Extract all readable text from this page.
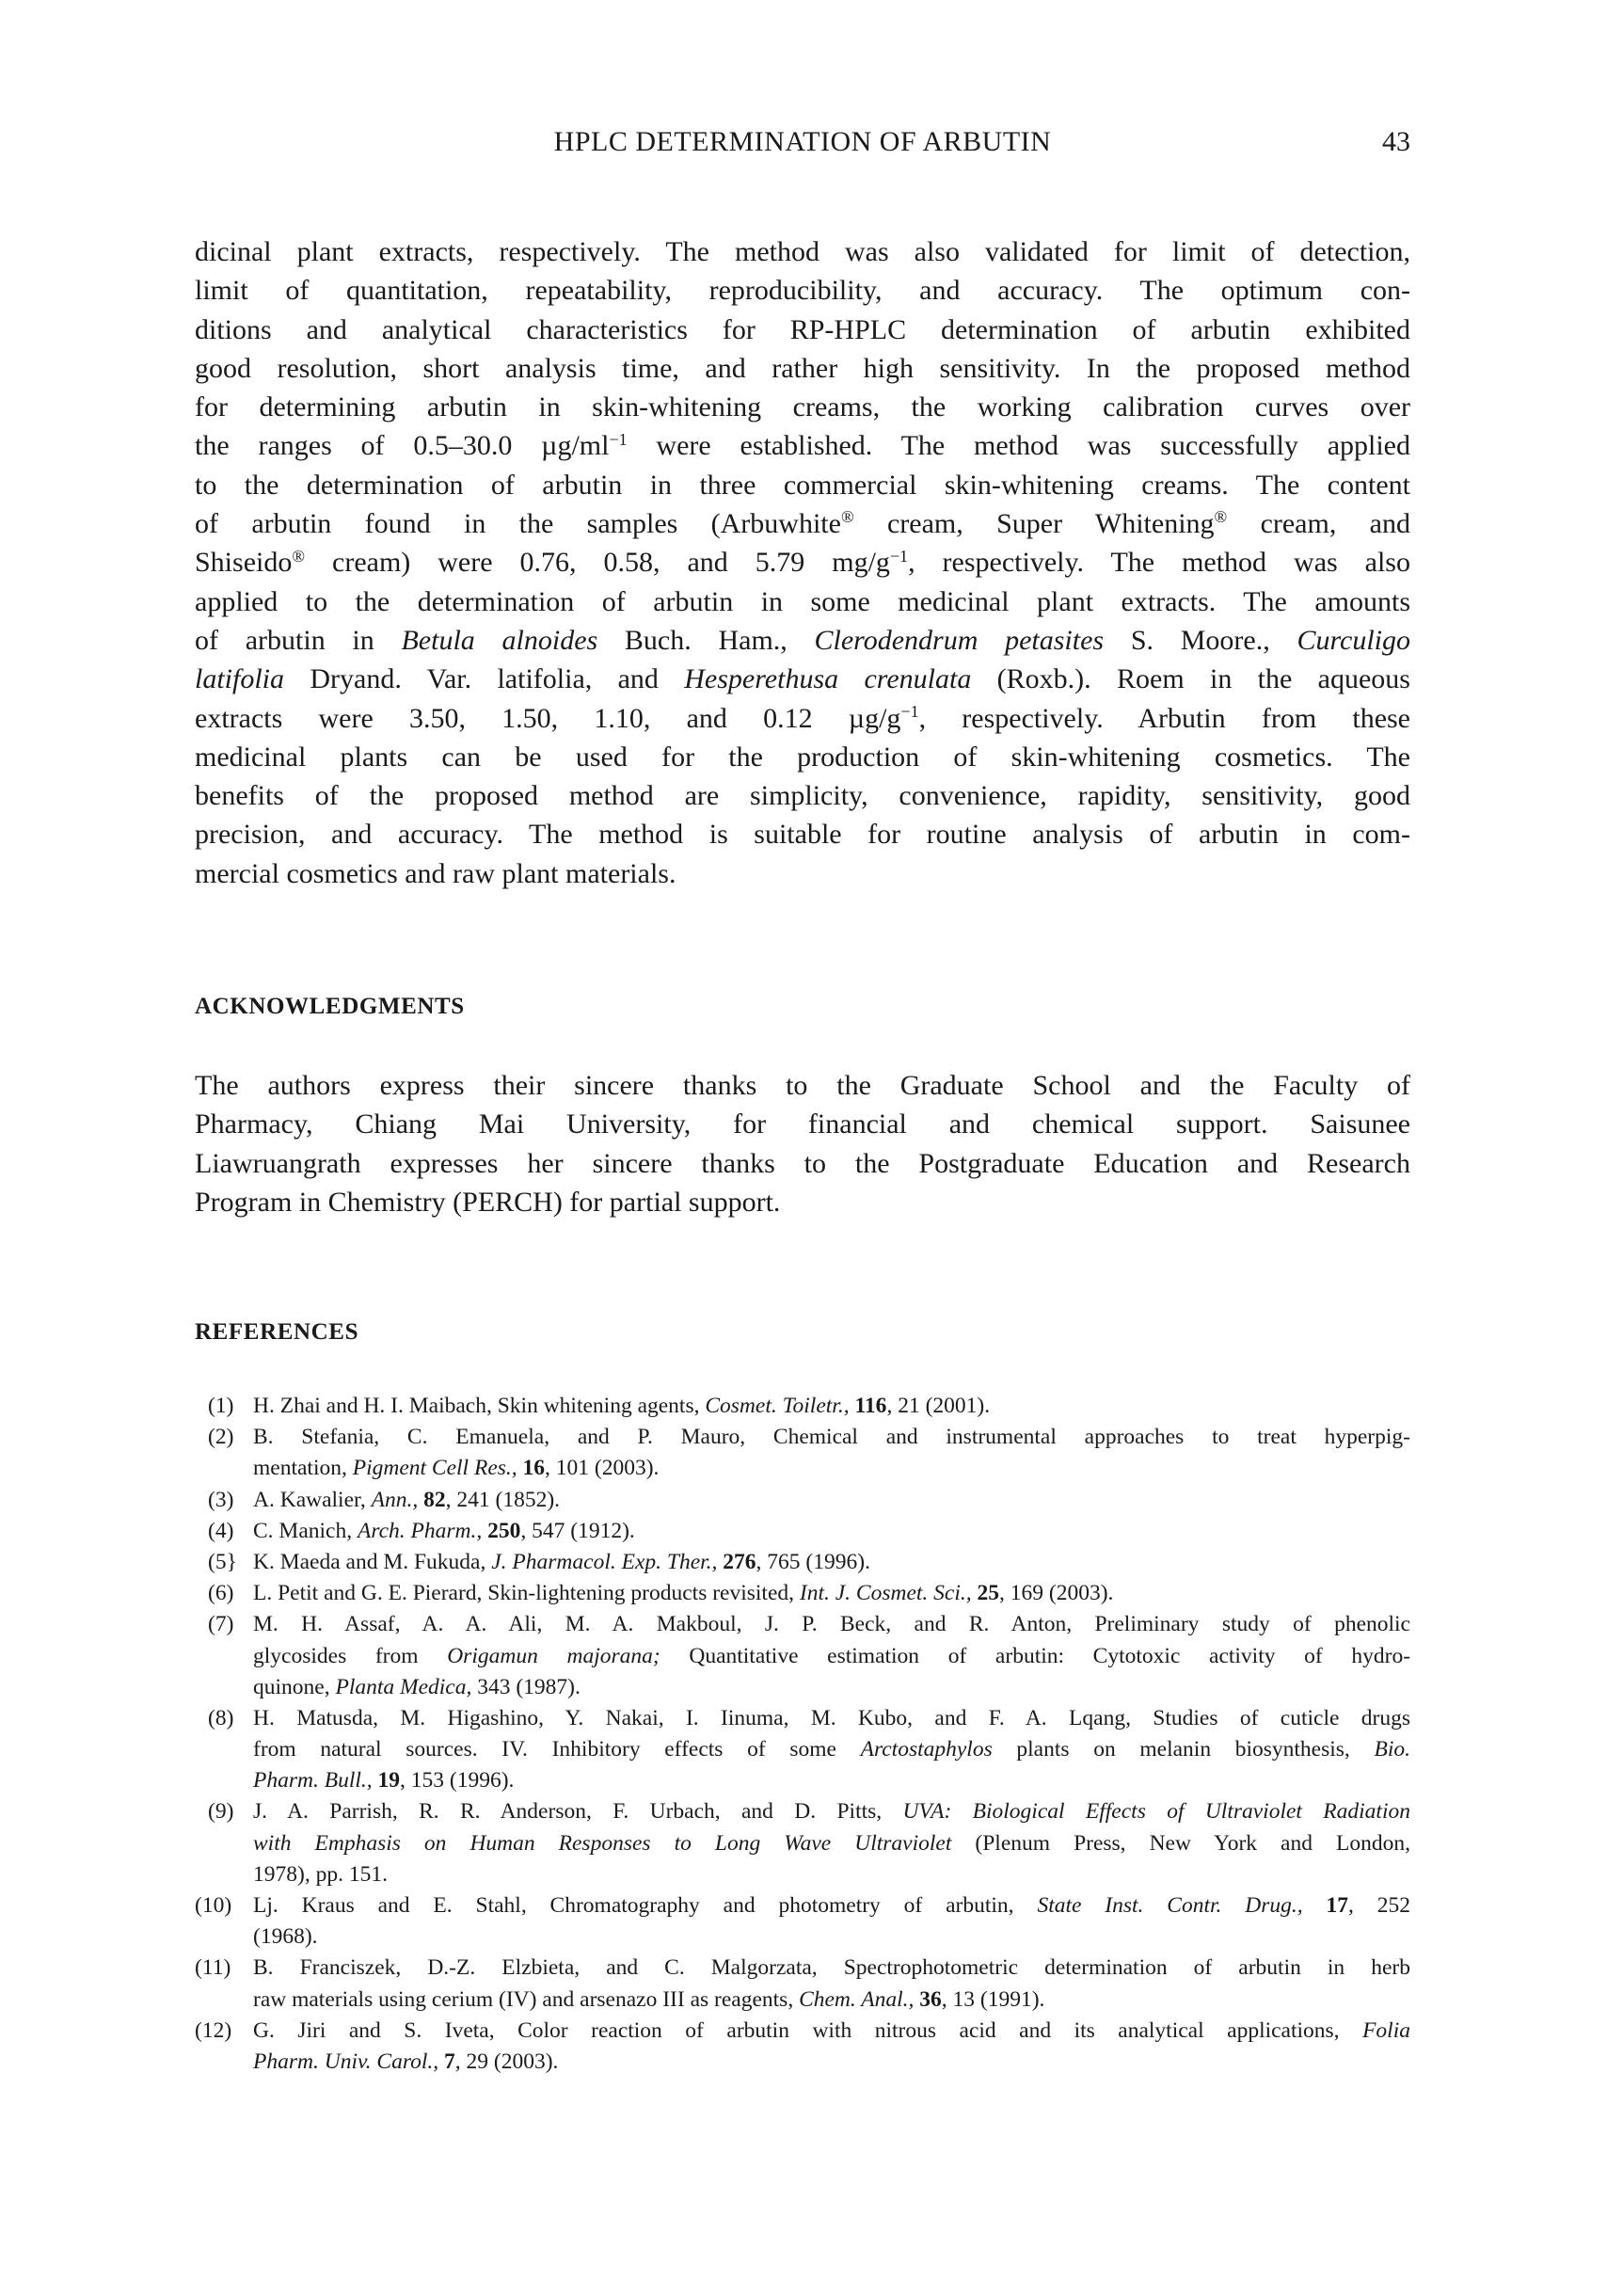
HPLC DETERMINATION OF ARBUTIN	43
dicinal plant extracts, respectively. The method was also validated for limit of detection,
limit of quantitation, repeatability, reproducibility, and accuracy. The optimum con-
ditions and analytical characteristics for RP-HPLC determination of arbutin exhibited
good resolution, short analysis time, and rather high sensitivity. In the proposed method
for determining arbutin in skin-whitening creams, the working calibration curves over
the ranges of 0.5–30.0 $\mu g/ml^{-1}$ were established. The method was successfully applied
to the determination of arbutin in three commercial skin-whitening creams. The content
of arbutin found in the samples (Arbuwhite® cream, Super Whitening® cream, and
Shiseido® cream) were 0.76, 0.58, and 5.79 $mg/g^{-1}$, respectively. The method was also
applied to the determination of arbutin in some medicinal plant extracts. The amounts
of arbutin in Betula alnoides Buch. Ham., Clerodendrum petasites S. Moore., Curculigo
latifolia Dryand. Var. latifolia, and Hesperethusa crenulata (Roxb.). Roem in the aqueous
extracts were 3.50, 1.50, 1.10, and 0.12 $\mu g/g^{-1}$, respectively. Arbutin from these
medicinal plants can be used for the production of skin-whitening cosmetics. The
benefits of the proposed method are simplicity, convenience, rapidity, sensitivity, good
precision, and accuracy. The method is suitable for routine analysis of arbutin in com-
mercial cosmetics and raw plant materials.
ACKNOWLEDGMENTS
The authors express their sincere thanks to the Graduate School and the Faculty of
Pharmacy, Chiang Mai University, for financial and chemical support. Saisunee
Liawruangrath expresses her sincere thanks to the Postgraduate Education and Research
Program in Chemistry (PERCH) for partial support.
REFERENCES
(1) H. Zhai and H. I. Maibach, Skin whitening agents, Cosmet. Toiletr., 116, 21 (2001).
(2) B. Stefania, C. Emanuela, and P. Mauro, Chemical and instrumental approaches to treat hyperpig-
mentation, Pigment Cell Res., 16, 101 (2003).
(3) A. Kawalier, Ann., 82, 241 (1852).
(4) C. Manich, Arch. Pharm., 250, 547 (1912).
(5} K. Maeda and M. Fukuda, J. Pharmacol. Exp. Ther., 276, 765 (1996).
(6) L. Petit and G. E. Pierard, Skin-lightening products revisited, Int. J. Cosmet. Sci., 25, 169 (2003).
(7) M. H. Assaf, A. A. Ali, M. A. Makboul, J. P. Beck, and R. Anton, Preliminary study of phenolic
glycosides from Origamun majorana; Quantitative estimation of arbutin: Cytotoxic activity of hydro-
quinone, Planta Medica, 343 (1987).
(8) H. Matusda, M. Higashino, Y. Nakai, I. Iinuma, M. Kubo, and F. A. Lqang, Studies of cuticle drugs
from natural sources. IV. Inhibitory effects of some Arctostaphylos plants on melanin biosynthesis, Bio.
Pharm. Bull., 19, 153 (1996).
(9) J. A. Parrish, R. R. Anderson, F. Urbach, and D. Pitts, UVA: Biological Effects of Ultraviolet Radiation
with Emphasis on Human Responses to Long Wave Ultraviolet (Plenum Press, New York and London,
1978), pp. 151.
(10) Lj. Kraus and E. Stahl, Chromatography and photometry of arbutin, State Inst. Contr. Drug., 17, 252
(1968).
(11) B. Franciszek, D.-Z. Elzbieta, and C. Malgorzata, Spectrophotometric determination of arbutin in herb
raw materials using cerium (IV) and arsenazo III as reagents, Chem. Anal., 36, 13 (1991).
(12) G. Jiri and S. Iveta, Color reaction of arbutin with nitrous acid and its analytical applications, Folia
Pharm. Univ. Carol., 7, 29 (2003).
